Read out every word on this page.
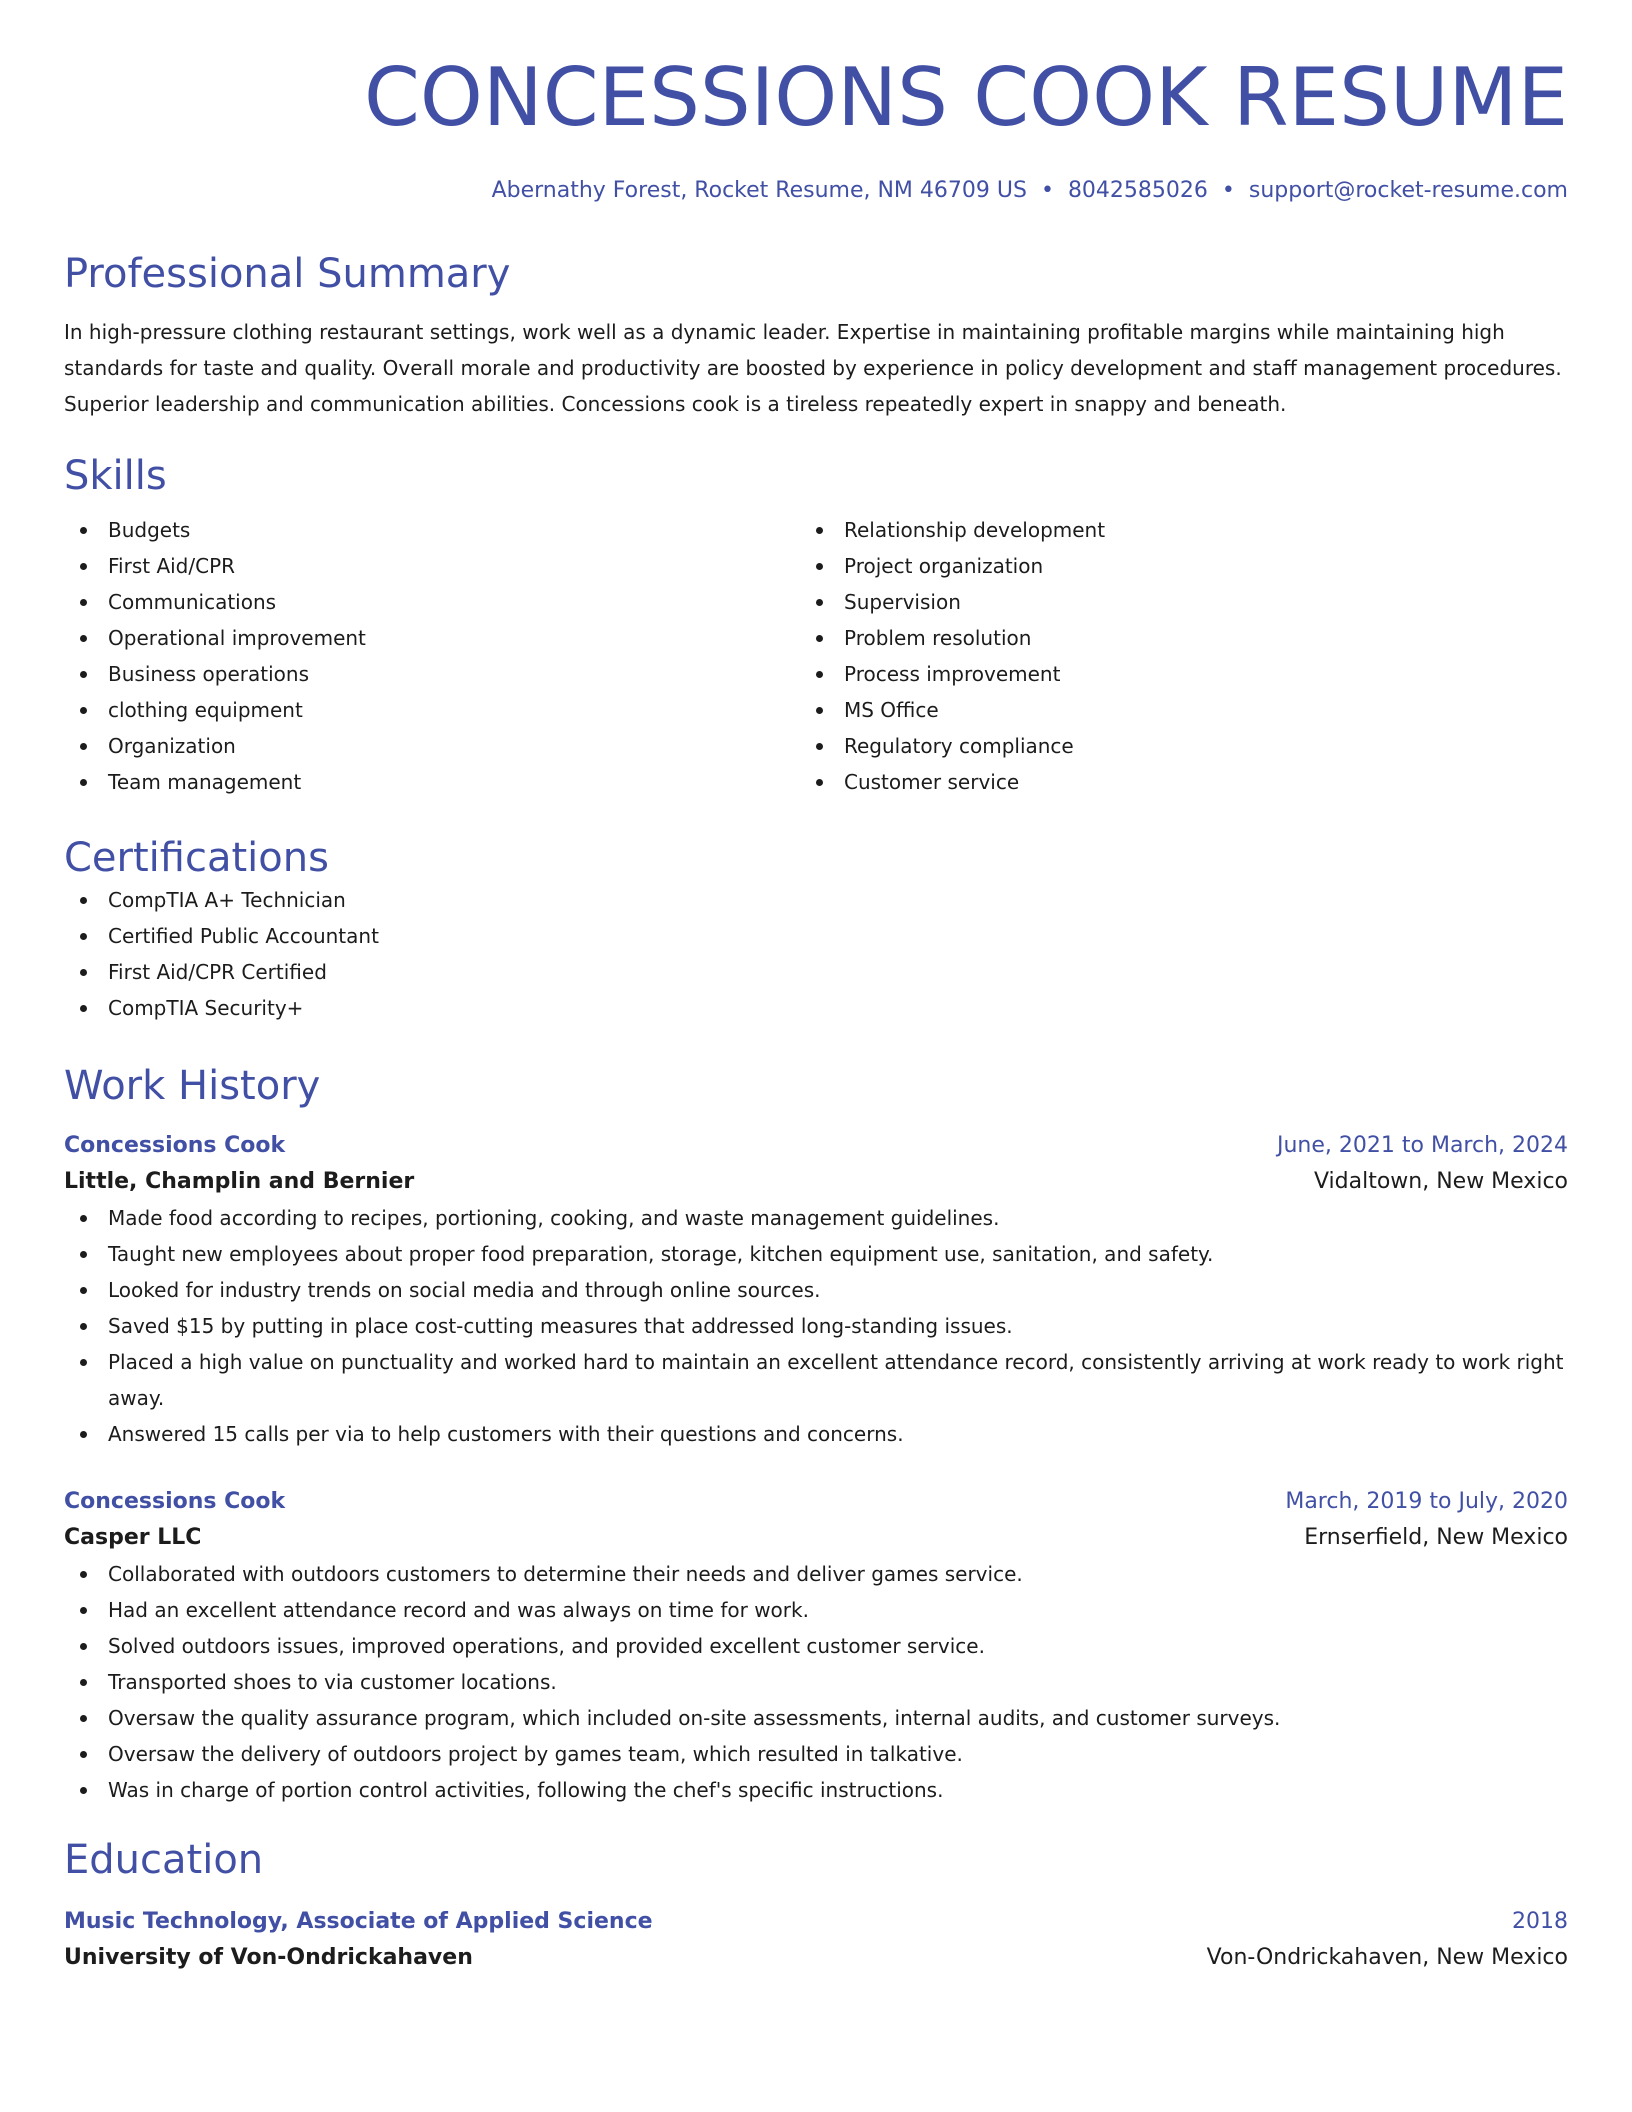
CONCESSIONS COOK RESUME
Abernathy Forest, Rocket Resume, NM 46709 US • 8042585026 • support@rocket-resume.com
Professional Summary
In high-pressure clothing restaurant settings, work well as a dynamic leader. Expertise in maintaining profitable margins while maintaining high standards for taste and quality. Overall morale and productivity are boosted by experience in policy development and staff management procedures. Superior leadership and communication abilities. Concessions cook is a tireless repeatedly expert in snappy and beneath.
Skills
Budgets
First Aid/CPR
Communications
Operational improvement
Business operations
clothing equipment
Organization
Team management
Relationship development
Project organization
Supervision
Problem resolution
Process improvement
MS Office
Regulatory compliance
Customer service
Certifications
CompTIA A+ Technician
Certified Public Accountant
First Aid/CPR Certified
CompTIA Security+
Work History
Concessions Cook	June, 2021 to March, 2024
Little, Champlin and Bernier	Vidaltown, New Mexico
Made food according to recipes, portioning, cooking, and waste management guidelines.
Taught new employees about proper food preparation, storage, kitchen equipment use, sanitation, and safety.
Looked for industry trends on social media and through online sources.
Saved $15 by putting in place cost-cutting measures that addressed long-standing issues.
Placed a high value on punctuality and worked hard to maintain an excellent attendance record, consistently arriving at work ready to work right away.
Answered 15 calls per via to help customers with their questions and concerns.
Concessions Cook	March, 2019 to July, 2020
Casper LLC	Ernserfield, New Mexico
Collaborated with outdoors customers to determine their needs and deliver games service.
Had an excellent attendance record and was always on time for work.
Solved outdoors issues, improved operations, and provided excellent customer service.
Transported shoes to via customer locations.
Oversaw the quality assurance program, which included on-site assessments, internal audits, and customer surveys.
Oversaw the delivery of outdoors project by games team, which resulted in talkative.
Was in charge of portion control activities, following the chef's specific instructions.
Education
Music Technology, Associate of Applied Science	2018
University of Von-Ondrickahaven	Von-Ondrickahaven, New Mexico
